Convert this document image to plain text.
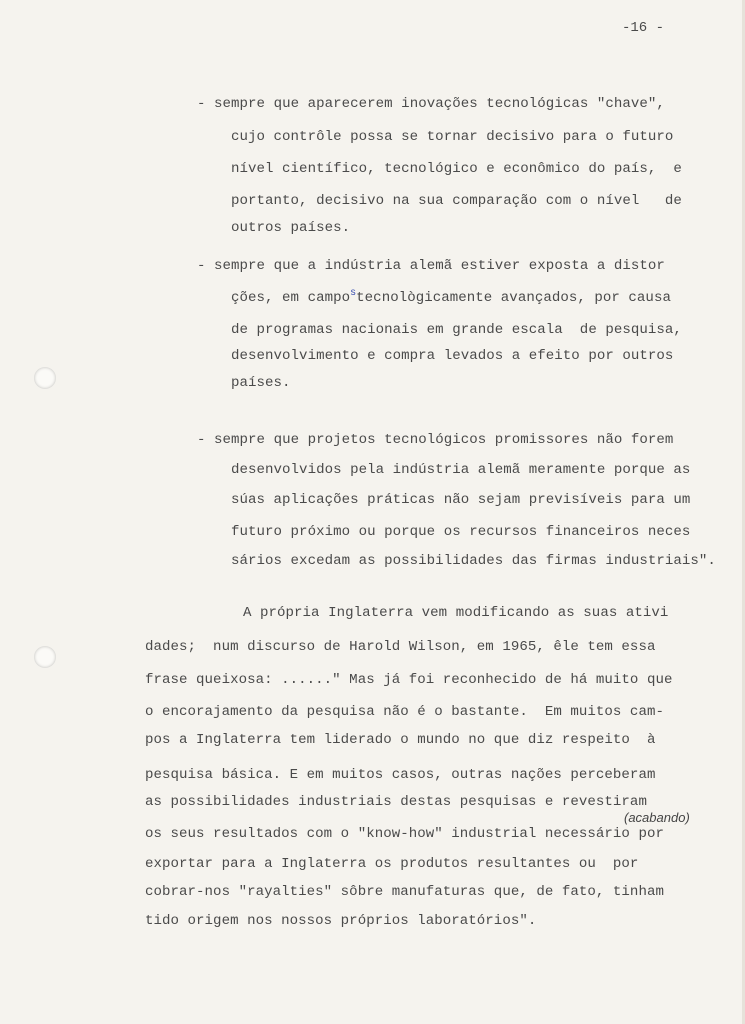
-16 -
- sempre que aparecerem inovações tecnológicas "chave",
cujo contrôle possa se tornar decisivo para o futuro
nível científico, tecnológico e econômico do país,  e
portanto, decisivo na sua comparação com o nível   de
outros países.
- sempre que a indústria alemã estiver exposta a distor
ções, em campo$^s$tecnològicamente avançados, por causa
de programas nacionais em grande escala  de pesquisa,
desenvolvimento e compra levados a efeito por outros
países.
- sempre que projetos tecnológicos promissores não forem
desenvolvidos pela indústria alemã meramente porque as
súas aplicações práticas não sejam previsíveis para um
futuro próximo ou porque os recursos financeiros neces
sários excedam as possibilidades das firmas industriais".
A própria Inglaterra vem modificando as suas ativi
dades;  num discurso de Harold Wilson, em 1965, êle tem essa
frase queixosa: ......" Mas já foi reconhecido de há muito que
o encorajamento da pesquisa não é o bastante.  Em muitos cam-
pos a Inglaterra tem liderado o mundo no que diz respeito  à
pesquisa básica. E em muitos casos, outras nações perceberam
as possibilidades industriais destas pesquisas e revestiram
os seus resultados com o "know-how" industrial necessário por
exportar para a Inglaterra os produtos resultantes ou  por
cobrar-nos "rayalties" sôbre manufaturas que, de fato, tinham
tido origem nos nossos próprios laboratórios".
(acabando)
